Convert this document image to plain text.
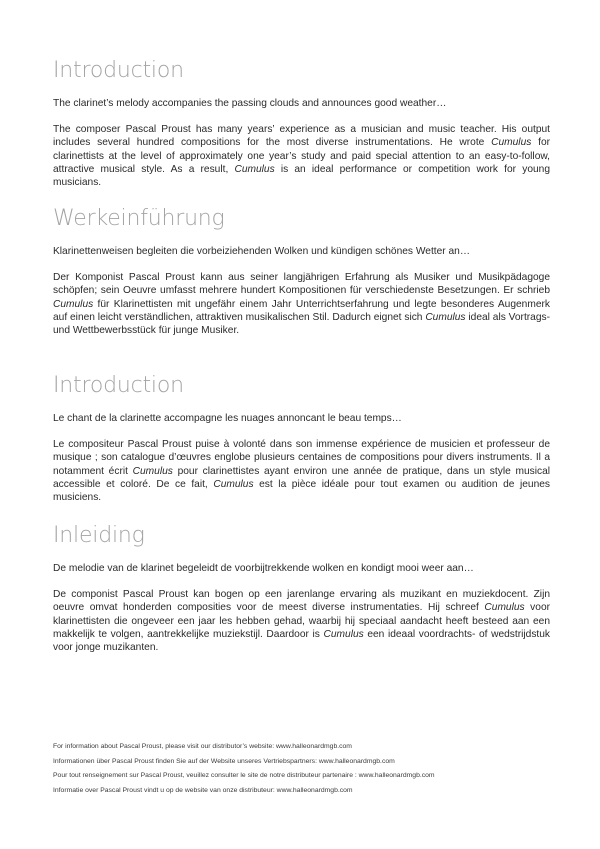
Introduction

The clarinet’s melody accompanies the passing clouds and announces good weather…

The composer Pascal Proust has many years’ experience as a musician and music teacher. His output includes several hundred compositions for the most diverse instrumentations. He wrote Cumulus for clarinettists at the level of approximately one year’s study and paid special attention to an easy-to-follow, attractive musical style. As a result, Cumulus is an ideal performance or competition work for young musicians.

Werkeinführung

Klarinettenweisen begleiten die vorbeiziehenden Wolken und kündigen schönes Wetter an…

Der Komponist Pascal Proust kann aus seiner langjährigen Erfahrung als Musiker und Musikpädagoge schöpfen; sein Oeuvre umfasst mehrere hundert Kompositionen für verschiedenste Besetzungen. Er schrieb Cumulus für Klarinettisten mit ungefähr einem Jahr Unterrichtserfahrung und legte besonderes Augenmerk auf einen leicht verständlichen, attraktiven musikalischen Stil. Dadurch eignet sich Cumulus ideal als Vortrags- und Wettbewerbsstück für junge Musiker.

Introduction

Le chant de la clarinette accompagne les nuages annoncant le beau temps…

Le compositeur Pascal Proust puise à volonté dans son immense expérience de musicien et professeur de musique ; son catalogue d’œuvres englobe plusieurs centaines de compositions pour divers instruments. Il a notamment écrit Cumulus pour clarinettistes ayant environ une année de pratique, dans un style musical accessible et coloré. De ce fait, Cumulus est la pièce idéale pour tout examen ou audition de jeunes musiciens.

Inleiding

De melodie van de klarinet begeleidt de voorbijtrekkende wolken en kondigt mooi weer aan…

De componist Pascal Proust kan bogen op een jarenlange ervaring als muzikant en muziekdocent. Zijn oeuvre omvat honderden composities voor de meest diverse instrumentaties. Hij schreef Cumulus voor klarinettisten die ongeveer een jaar les hebben gehad, waarbij hij speciaal aandacht heeft besteed aan een makkelijk te volgen, aantrekkelijke muziekstijl. Daardoor is Cumulus een ideaal voordrachts- of wedstrijdstuk voor jonge muzikanten.

For information about Pascal Proust, please visit our distributor’s website: www.halleonardmgb.com
Informationen über Pascal Proust finden Sie auf der Website unseres Vertriebspartners: www.halleonardmgb.com
Pour tout renseignement sur Pascal Proust, veuillez consulter le site de notre distributeur partenaire : www.halleonardmgb.com
Informatie over Pascal Proust vindt u op de website van onze distributeur: www.halleonardmgb.com
